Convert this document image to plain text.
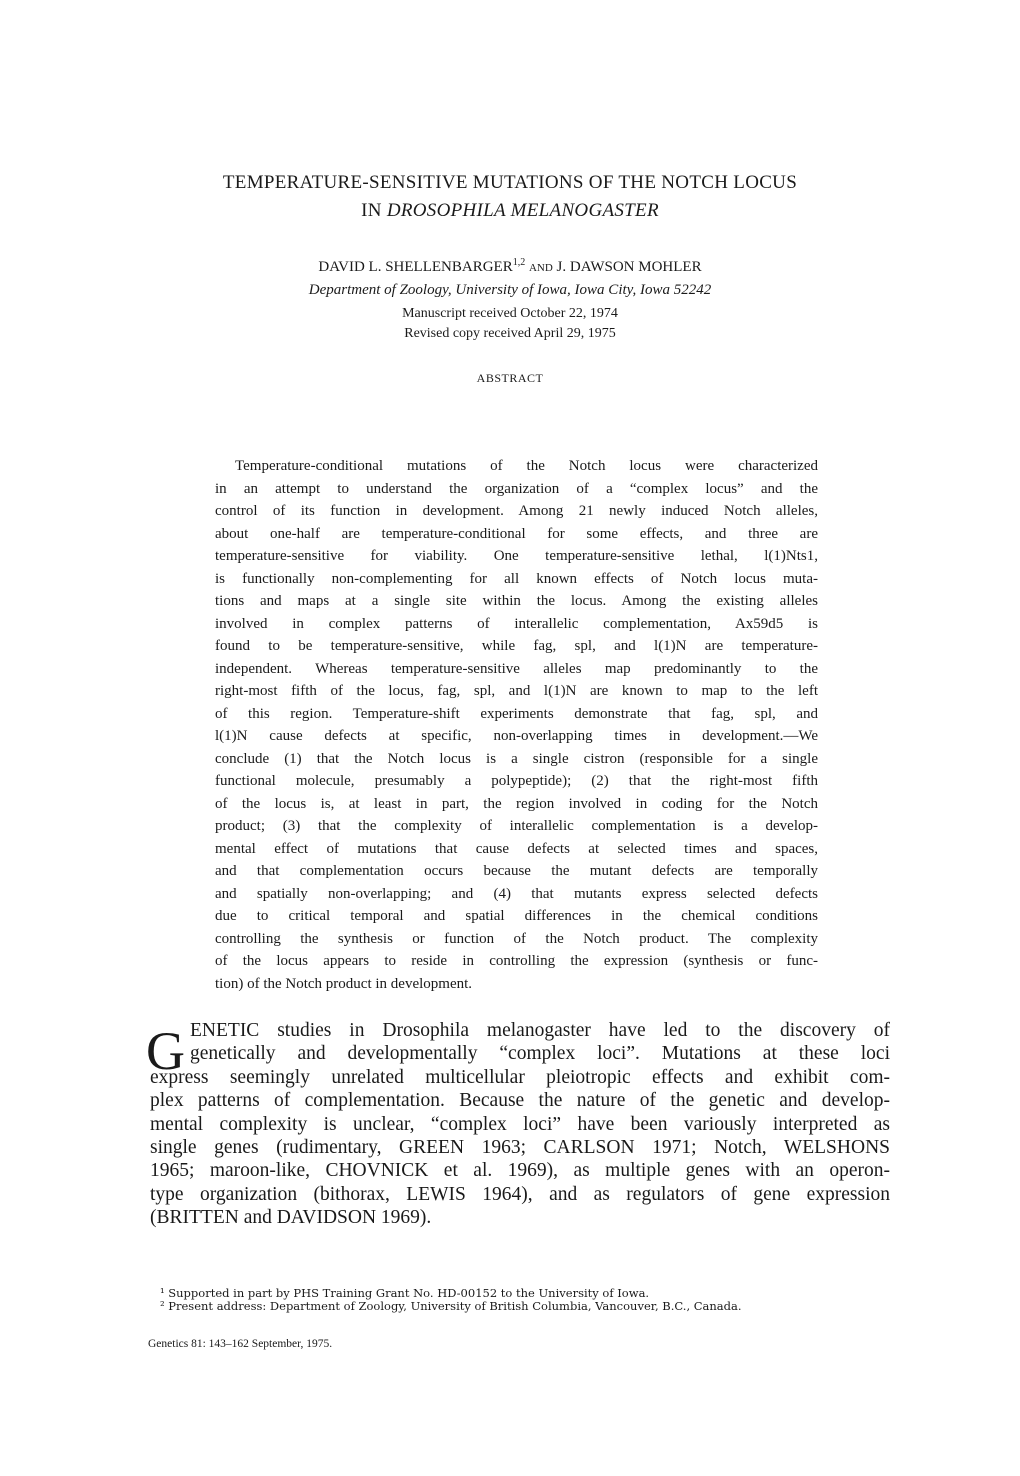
TEMPERATURE-SENSITIVE MUTATIONS OF THE NOTCH LOCUS
IN DROSOPHILA MELANOGASTER
DAVID L. SHELLENBARGER$^{1,2}$ AND J. DAWSON MOHLER
Department of Zoology, University of Iowa, Iowa City, Iowa 52242
Manuscript received October 22, 1974
Revised copy received April 29, 1975
ABSTRACT
Temperature-conditional mutations of the Notch locus were characterized
in an attempt to understand the organization of a “complex locus” and the
control of its function in development. Among 21 newly induced Notch alleles,
about one-half are temperature-conditional for some effects, and three are
temperature-sensitive for viability. One temperature-sensitive lethal, l(1)Nts1,
is functionally non-complementing for all known effects of Notch locus muta-
tions and maps at a single site within the locus. Among the existing alleles
involved in complex patterns of interallelic complementation, Ax59d5 is
found to be temperature-sensitive, while fag, spl, and l(1)N are temperature-
independent. Whereas temperature-sensitive alleles map predominantly to the
right-most fifth of the locus, fag, spl, and l(1)N are known to map to the left
of this region. Temperature-shift experiments demonstrate that fag, spl, and
l(1)N cause defects at specific, non-overlapping times in development.—We
conclude (1) that the Notch locus is a single cistron (responsible for a single
functional molecule, presumably a polypeptide); (2) that the right-most fifth
of the locus is, at least in part, the region involved in coding for the Notch
product; (3) that the complexity of interallelic complementation is a develop-
mental effect of mutations that cause defects at selected times and spaces,
and that complementation occurs because the mutant defects are temporally
and spatially non-overlapping; and (4) that mutants express selected defects
due to critical temporal and spatial differences in the chemical conditions
controlling the synthesis or function of the Notch product. The complexity
of the locus appears to reside in controlling the expression (synthesis or func-
tion) of the Notch product in development.
G ENETIC studies in Drosophila melanogaster have led to the discovery of
genetically and developmentally “complex loci”. Mutations at these loci
express seemingly unrelated multicellular pleiotropic effects and exhibit com-
plex patterns of complementation. Because the nature of the genetic and develop-
mental complexity is unclear, “complex loci” have been variously interpreted as
single genes (rudimentary, GREEN 1963; CARLSON 1971; Notch, WELSHONS
1965; maroon-like, CHOVNICK et al. 1969), as multiple genes with an operon-
type organization (bithorax, LEWIS 1964), and as regulators of gene expression
(BRITTEN and DAVIDSON 1969).
¹ Supported in part by PHS Training Grant No. HD-00152 to the University of Iowa.
² Present address: Department of Zoology, University of British Columbia, Vancouver, B.C., Canada.
Genetics 81: 143–162 September, 1975.
